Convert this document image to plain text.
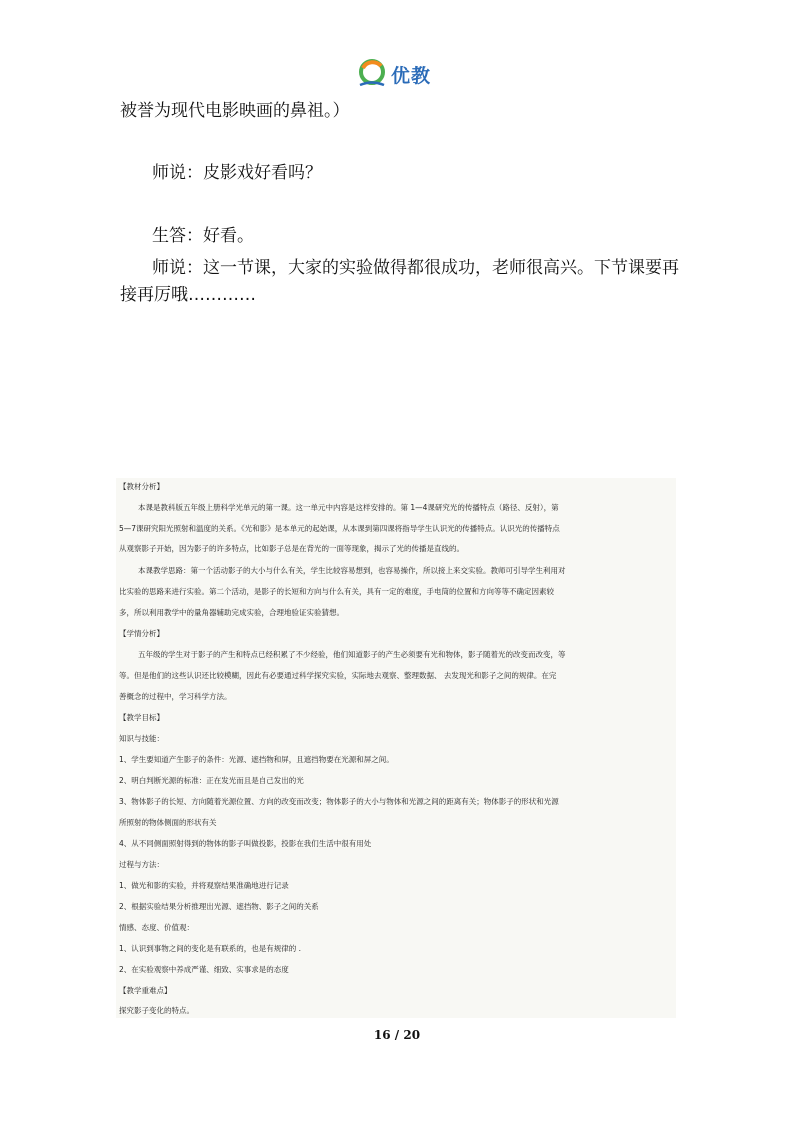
优教
被誉为现代电影映画的鼻祖。）
师说：皮影戏好看吗？
生答：好看。
师说：这一节课，大家的实验做得都很成功，老师很高兴。下节课要再接再厉哦…………
【教材分析】
本课是教科版五年级上册科学光单元的第一课。这一单元中内容是这样安排的。第 1—4课研究光的传播特点（路径、反射），第
5—7课研究阳光照射和温度的关系。《光和影》是本单元的起始课，从本课到第四课将指导学生认识光的传播特点。认识光的传播特点
从观察影子开始，因为影子的许多特点，比如影子总是在背光的一面等现象，揭示了光的传播是直线的。
本课教学思路：第一个活动影子的大小与什么有关，学生比较容易想到，也容易操作，所以接上来交实验。教师可引导学生利用对
比实验的思路来进行实验。第二个活动，是影子的长短和方向与什么有关，具有一定的难度，手电筒的位置和方向等等不确定因素较
多，所以利用教学中的量角器辅助完成实验，合理地验证实验猜想。
【学情分析】
五年级的学生对于影子的产生和特点已经积累了不少经验，他们知道影子的产生必须要有光和物体，影子随着光的改变而改变，等
等。但是他们的这些认识还比较模糊，因此有必要通过科学探究实验，实际地去观察、整理数据、 去发现光和影子之间的规律。在完
善概念的过程中，学习科学方法。
【教学目标】
知识与技能：
1、学生要知道产生影子的条件：光源、遮挡物和屏，且遮挡物要在光源和屏之间。
2、明白判断光源的标准：正在发光而且是自己发出的光
3、物体影子的长短、方向随着光源位置、方向的改变而改变；物体影子的大小与物体和光源之间的距离有关；物体影子的形状和光源
所照射的物体侧面的形状有关
4、从不同侧面照射得到的物体的影子叫做投影，投影在我们生活中很有用处
过程与方法：
1、做光和影的实验，并将观察结果准确地进行记录
2、根据实验结果分析推理出光源、遮挡物、影子之间的关系
情感、态度、价值观：
1、认识到事物之间的变化是有联系的，也是有规律的 .
2、在实验观察中养成严谨、细致、实事求是的态度
【教学重难点】
探究影子变化的特点。
16 / 20
